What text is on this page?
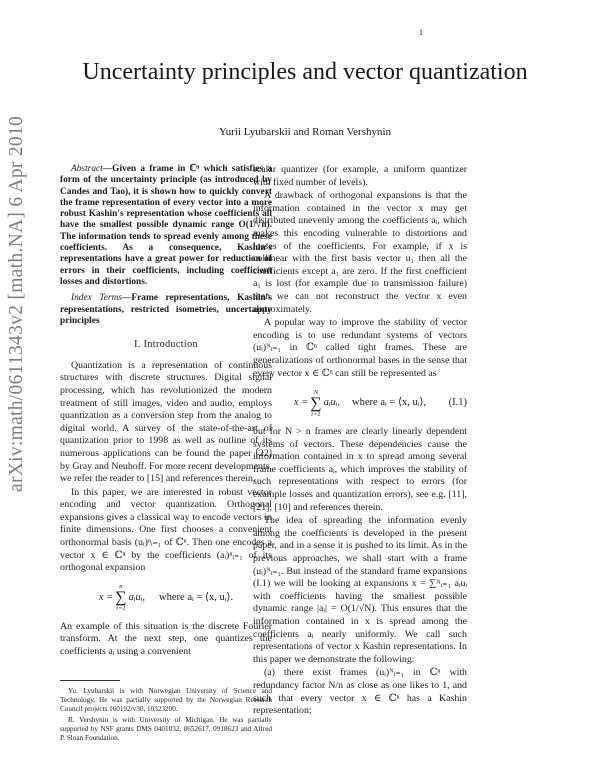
1
arXiv:math/0611343v2 [math.NA] 6 Apr 2010
Uncertainty principles and vector quantization
Yurii Lyubarskii and Roman Vershynin

Abstract—Given a frame in ℂⁿ which satisfies a form of the uncertainty principle (as introduced by Candes and Tao), it is shown how to quickly convert the frame representation of every vector into a more robust Kashin's representation whose coefficients all have the smallest possible dynamic range O(1/√n). The information tends to spread evenly among these coefficients. As a consequence, Kashin's representations have a great power for reduction of errors in their coefficients, including coefficient losses and distortions.

Index Terms—Frame representations, Kashin's representations, restricted isometries, uncertainty principles

I. Introduction

Quantization is a representation of continuous structures with discrete structures. Digital signal processing, which has revolutionized the modern treatment of still images, video and audio, employs quantization as a conversion step from the analog to digital world. A survey of the state-of-the-art of quantization prior to 1998 as well as outline of its numerous applications can be found the paper [22] by Gray and Neuhoff. For more recent developments, we refer the reader to [15] and references therein.

In this paper, we are interested in robust vector encoding and vector quantization. Orthogonal expansions gives a classical way to encode vectors in finite dimensions. One first chooses a convenient orthonormal basis (uᵢ)ⁿᵢ₌₁ of ℂⁿ. Then one encodes a vector x ∈ ℂⁿ by the coefficients (aᵢ)ⁿᵢ₌₁ of its orthogonal expansion

x =
n
∑
i=1
aᵢuᵢ, where aᵢ = ⟨x, uᵢ⟩.

An example of this situation is the discrete Fourier transform. At the next step, one quantizes the coefficients aᵢ using a convenient

Yu. Lyubarskii is with Norwegian University of Science and Technology. He was partially supported by the Norwegian Research Council projects 160192/v30, 10323200.

R. Vershynin is with University of Michigan. He was partially supported by NSF grants DMS 0401032, 0652617, 0918623 and Alfred P. Sloan Foundation.

scalar quantizer (for example, a uniform quantizer with fixed number of levels).

A drawback of orthogonal expansions is that the information contained in the vector x may get distributed unevenly among the coefficients aᵢ, which makes this encoding vulnerable to distortions and losses of the coefficients. For example, if x is collinear with the first basis vector u₁ then all the coefficients except a₁ are zero. If the first coefficient a₁ is lost (for example due to transmission failure) then we can not reconstruct the vector x even approximately.

A popular way to improve the stability of vector encoding is to use redundant systems of vectors (uᵢ)ᴺᵢ₌₁ in ℂⁿ called tight frames. These are generalizations of orthonormal bases in the sense that every vector x ∈ ℂⁿ can still be represented as

x =
N
∑
i=1
aᵢuᵢ, where aᵢ = ⟨x, uᵢ⟩, (I.1)

but for N > n frames are clearly linearly dependent systems of vectors. These dependencies cause the information contained in x to spread among several frame coefficients aᵢ, which improves the stability of such representations with respect to errors (for example losses and quantization errors), see e.g. [11], [21], [10] and references therein.

The idea of spreading the information evenly among the coefficients is developed in the present paper, and in a sense it is pushed to its limit. As in the previous approaches, we shall start with a frame (uᵢ)ᴺᵢ₌₁. But instead of the standard frame expansions (I.1) we will be looking at expansions x = ∑ᴺᵢ₌₁ aᵢuᵢ with coefficients having the smallest possible dynamic range |aᵢ| = O(1/√N). This ensures that the information contained in x is spread among the coefficients aᵢ nearly uniformly. We call such representations of vector x Kashin representations. In this paper we demonstrate the following:

(a) there exist frames (uᵢ)ᴺᵢ₌₁ in ℂⁿ with redundancy factor N/n as close as one likes to 1, and such that every vector x ∈ ℂⁿ has a Kashin representation;
